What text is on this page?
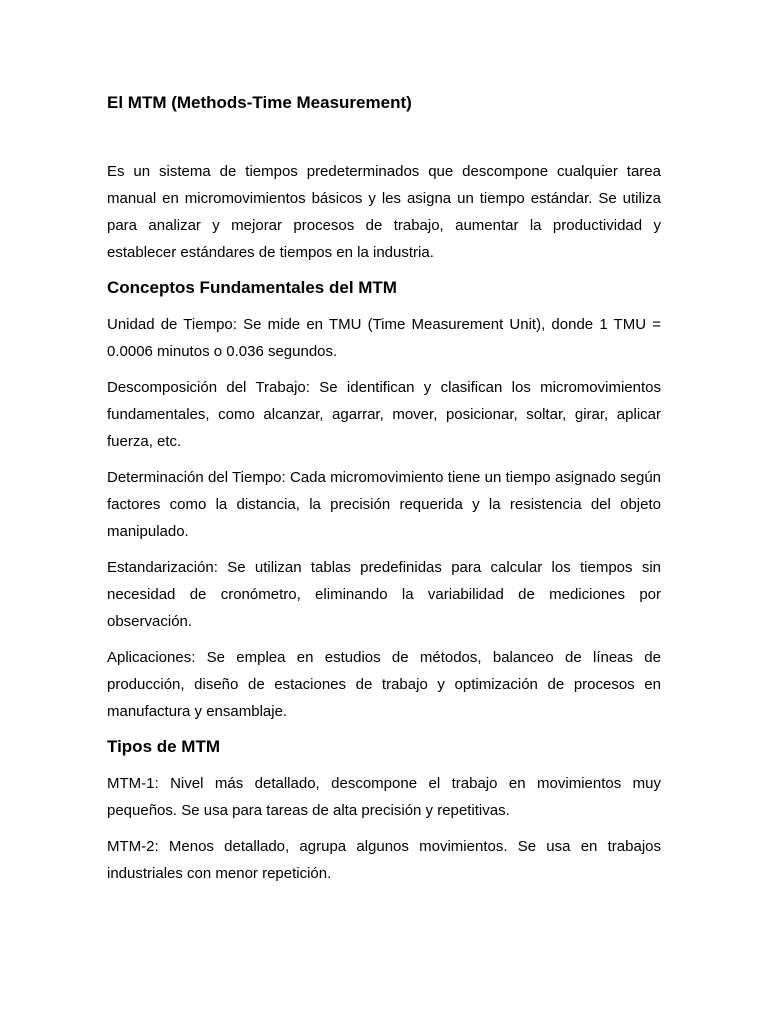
El MTM (Methods-Time Measurement)

Es un sistema de tiempos predeterminados que descompone cualquier tarea manual en micromovimientos básicos y les asigna un tiempo estándar. Se utiliza para analizar y mejorar procesos de trabajo, aumentar la productividad y establecer estándares de tiempos en la industria.

Conceptos Fundamentales del MTM

Unidad de Tiempo: Se mide en TMU (Time Measurement Unit), donde 1 TMU = 0.0006 minutos o 0.036 segundos.

Descomposición del Trabajo: Se identifican y clasifican los micromovimientos fundamentales, como alcanzar, agarrar, mover, posicionar, soltar, girar, aplicar fuerza, etc.

Determinación del Tiempo: Cada micromovimiento tiene un tiempo asignado según factores como la distancia, la precisión requerida y la resistencia del objeto manipulado.

Estandarización: Se utilizan tablas predefinidas para calcular los tiempos sin necesidad de cronómetro, eliminando la variabilidad de mediciones por observación.

Aplicaciones: Se emplea en estudios de métodos, balanceo de líneas de producción, diseño de estaciones de trabajo y optimización de procesos en manufactura y ensamblaje.

Tipos de MTM

MTM-1: Nivel más detallado, descompone el trabajo en movimientos muy pequeños. Se usa para tareas de alta precisión y repetitivas.

MTM-2: Menos detallado, agrupa algunos movimientos. Se usa en trabajos industriales con menor repetición.
